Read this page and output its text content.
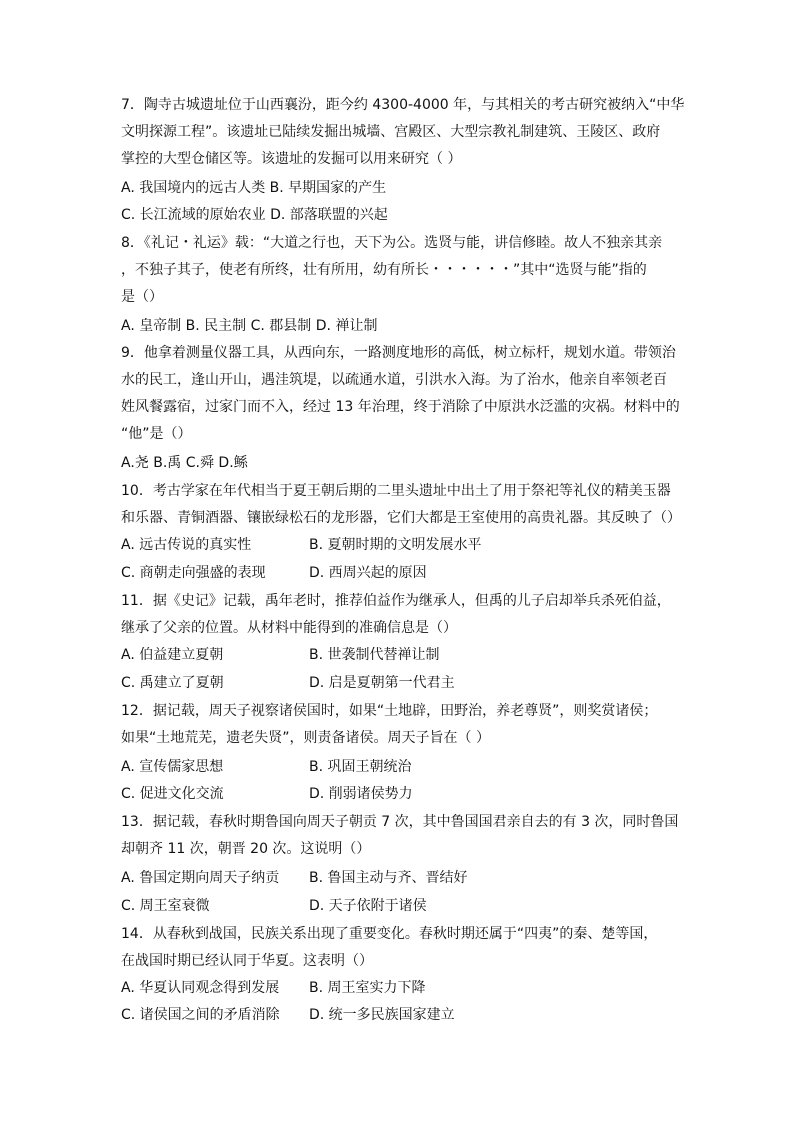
7．陶寺古城遗址位于山西襄汾，距今约 4300-4000 年，与其相关的考古研究被纳入“中华
文明探源工程”。该遗址已陆续发掘出城墙、宫殿区、大型宗教礼制建筑、王陵区、政府
掌控的大型仓储区等。该遗址的发掘可以用来研究（ ）
A. 我国境内的远古人类 B. 早期国家的产生
C. 长江流域的原始农业 D. 部落联盟的兴起
8．《礼记・礼运》载：“大道之行也，天下为公。选贤与能，讲信修睦。故人不独亲其亲
，不独子其子，使老有所终，壮有所用，幼有所长・・・・・・”其中“选贤与能”指的
是（）
A. 皇帝制 B. 民主制 C. 郡县制 D. 禅让制
9．他拿着测量仪器工具，从西向东，一路测度地形的高低，树立标杆，规划水道。带领治
水的民工，逢山开山，遇洼筑堤，以疏通水道，引洪水入海。为了治水，他亲自率领老百
姓风餐露宿，过家门而不入，经过 13 年治理，终于消除了中原洪水泛滥的灾祸。材料中的
“他”是（）
A.尧 B.禹 C.舜 D.鲧
10．考古学家在年代相当于夏王朝后期的二里头遗址中出土了用于祭祀等礼仪的精美玉器
和乐器、青铜酒器、镶嵌绿松石的龙形器，它们大都是王室使用的高贵礼器。其反映了（）
A. 远古传说的真实性	B. 夏朝时期的文明发展水平
C. 商朝走向强盛的表现	D. 西周兴起的原因
11．据《史记》记载，禹年老时，推荐伯益作为继承人，但禹的儿子启却举兵杀死伯益，
继承了父亲的位置。从材料中能得到的准确信息是（）
A. 伯益建立夏朝	B. 世袭制代替禅让制
C. 禹建立了夏朝	D. 启是夏朝第一代君主
12．据记载，周天子视察诸侯国时，如果“土地辟，田野治，养老尊贤”，则奖赏诸侯；
如果“土地荒芜，遗老失贤”，则责备诸侯。周天子旨在（ ）
A. 宣传儒家思想	B. 巩固王朝统治
C. 促进文化交流	D. 削弱诸侯势力
13．据记载，春秋时期鲁国向周天子朝贡 7 次，其中鲁国国君亲自去的有 3 次，同时鲁国
却朝齐 11 次，朝晋 20 次。这说明（）
A. 鲁国定期向周天子纳贡 B. 鲁国主动与齐、晋结好
C. 周王室衰微	D. 天子依附于诸侯
14．从春秋到战国，民族关系出现了重要变化。春秋时期还属于“四夷”的秦、楚等国，
在战国时期已经认同于华夏。这表明（）
A. 华夏认同观念得到发展 B. 周王室实力下降
C. 诸侯国之间的矛盾消除 D. 统一多民族国家建立
